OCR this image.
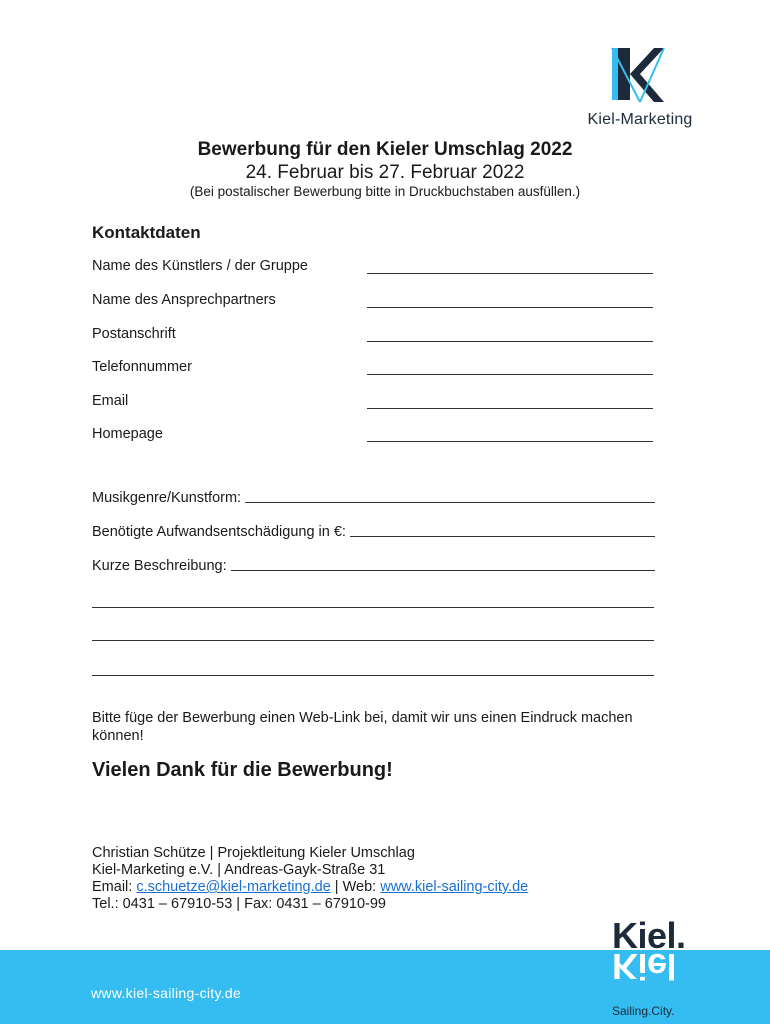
Kiel-Marketing
Bewerbung für den Kieler Umschlag 2022
24. Februar bis 27. Februar 2022
(Bei postalischer Bewerbung bitte in Druckbuchstaben ausfüllen.)
Kontaktdaten
Name des Künstlers / der Gruppe
Name des Ansprechpartners
Postanschrift
Telefonnummer
Email
Homepage
Musikgenre/Kunstform:
Benötigte Aufwandsentschädigung in €:
Kurze Beschreibung:
Bitte füge der Bewerbung einen Web-Link bei, damit wir uns einen Eindruck machen können!
Vielen Dank für die Bewerbung!
Christian Schütze | Projektleitung Kieler Umschlag
Kiel-Marketing e.V. | Andreas-Gayk-Straße 31
Email: c.schuetze@kiel-marketing.de | Web: www.kiel-sailing-city.de
Tel.: 0431 – 67910-53 | Fax: 0431 – 67910-99
www.kiel-sailing-city.de
Kiel.
Kiel
Sailing.City.
